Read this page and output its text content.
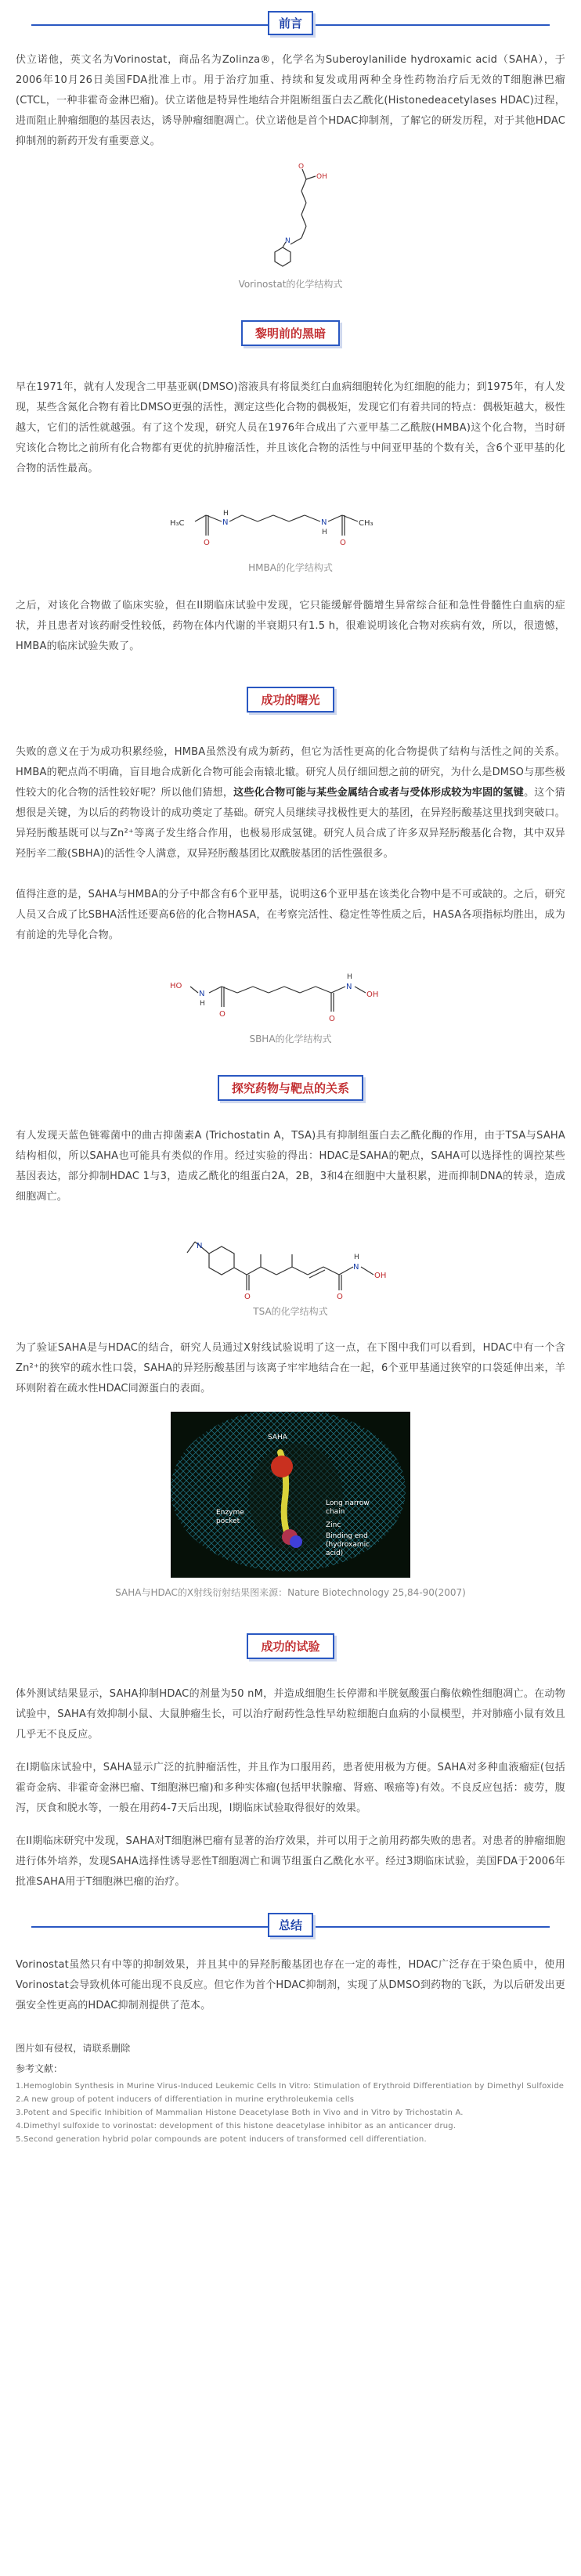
前言

伏立诺他，英文名为Vorinostat，商品名为Zolinza®，化学名为Suberoylanilide hydroxamic acid（SAHA），于2006年10月26日美国FDA批准上市。用于治疗加重、持续和复发或用两种全身性药物治疗后无效的T细胞淋巴瘤(CTCL，一种非霍奇金淋巴瘤)。伏立诺他是特异性地结合并阻断组蛋白去乙酰化(Histonedeacetylases HDAC)过程，进而阻止肿瘤细胞的基因表达，诱导肿瘤细胞凋亡。伏立诺他是首个HDAC抑制剂，了解它的研发历程，对于其他HDAC抑制剂的新药开发有重要意义。

O
OH
N
Vorinostat的化学结构式
黎明前的黑暗

早在1971年，就有人发现含二甲基亚砜(DMSO)溶液具有将鼠类红白血病细胞转化为红细胞的能力；到1975年，有人发现，某些含氮化合物有着比DMSO更强的活性，测定这些化合物的偶极矩，发现它们有着共同的特点：偶极矩越大，极性越大，它们的活性就越强。有了这个发现，研究人员在1976年合成出了六亚甲基二乙酰胺(HMBA)这个化合物，当时研究该化合物比之前所有化合物都有更优的抗肿瘤活性，并且该化合物的活性与中间亚甲基的个数有关，含6个亚甲基的化合物的活性最高。

H₃C	N
H
N
H
O
CH₃
O
HMBA的化学结构式

之后，对该化合物做了临床实验，但在II期临床试验中发现，它只能缓解骨髓增生异常综合征和急性骨髓性白血病的症状，并且患者对该药耐受性较低，药物在体内代谢的半衰期只有1.5 h，很难说明该化合物对疾病有效，所以，很遗憾，HMBA的临床试验失败了。

成功的曙光

失败的意义在于为成功积累经验，HMBA虽然没有成为新药，但它为活性更高的化合物提供了结构与活性之间的关系。HMBA的靶点尚不明确，盲目地合成新化合物可能会南辕北辙。研究人员仔细回想之前的研究，为什么是DMSO与那些极性较大的化合物的活性较好呢？所以他们猜想，这些化合物可能与某些金属结合或者与受体形成较为牢固的氢键。这个猜想很是关键，为以后的药物设计的成功奠定了基础。研究人员继续寻找极性更大的基团，在异羟肟酸基这里找到突破口。异羟肟酸基既可以与Zn²⁺等离子发生络合作用，也极易形成氢键。研究人员合成了许多双异羟肟酸基化合物，其中双异羟肟辛二酸(SBHA)的活性令人满意，双异羟肟酸基团比双酰胺基团的活性强很多。

值得注意的是，SAHA与HMBA的分子中都含有6个亚甲基，说明这6个亚甲基在该类化合物中是不可或缺的。之后，研究人员又合成了比SBHA活性还要高6倍的化合物HASA，在考察完活性、稳定性等性质之后，HASA各项指标均胜出，成为有前途的先导化合物。

HO
N
H
O
H
N
OH
O
SBHA的化学结构式
探究药物与靶点的关系

有人发现天蓝色链霉菌中的曲古抑菌素A (Trichostatin A，TSA)具有抑制组蛋白去乙酰化酶的作用，由于TSA与SAHA结构相似，所以SAHA也可能具有类似的作用。经过实验的得出：HDAC是SAHA的靶点，SAHA可以选择性的调控某些基因表达，部分抑制HDAC 1与3，造成乙酰化的组蛋白2A，2B，3和4在细胞中大量积累，进而抑制DNA的转录，造成细胞凋亡。

N
O	O
H
N
OH
TSA的化学结构式

为了验证SAHA是与HDAC的结合，研究人员通过X射线试验说明了这一点，在下图中我们可以看到，HDAC中有一个含Zn²⁺的狭窄的疏水性口袋，SAHA的异羟肟酸基团与该离子牢牢地结合在一起，6个亚甲基通过狭窄的口袋延伸出来，羊环则附着在疏水性HDAC同源蛋白的表面。

SAHA
Enzyme pocket
Long narrow chain
Zinc
Binding end (hydroxamic acid)
SAHA与HDAC的X射线衍射结果图来源：Nature Biotechnology 25,84-90(2007)
成功的试验

体外测试结果显示，SAHA抑制HDAC的剂量为50 nM，并造成细胞生长停滞和半胱氨酸蛋白酶依赖性细胞凋亡。在动物试验中，SAHA有效抑制小鼠、大鼠肿瘤生长，可以治疗耐药性急性早幼粒细胞白血病的小鼠模型，并对肺癌小鼠有效且几乎无不良反应。

在I期临床试验中，SAHA显示广泛的抗肿瘤活性，并且作为口服用药，患者使用极为方便。SAHA对多种血液瘤症(包括霍奇金病、非霍奇金淋巴瘤、T细胞淋巴瘤)和多种实体瘤(包括甲状腺瘤、肾癌、喉癌等)有效。不良反应包括：疲劳，腹泻，厌食和脱水等，一般在用药4-7天后出现，I期临床试验取得很好的效果。

在II期临床研究中发现，SAHA对T细胞淋巴瘤有显著的治疗效果，并可以用于之前用药都失败的患者。对患者的肿瘤细胞进行体外培养，发现SAHA选择性诱导恶性T细胞凋亡和调节组蛋白乙酰化水平。经过3期临床试验，美国FDA于2006年批准SAHA用于T细胞淋巴瘤的治疗。

总结

Vorinostat虽然只有中等的抑制效果，并且其中的异羟肟酸基团也存在一定的毒性，HDAC广泛存在于染色质中，使用Vorinostat会导致机体可能出现不良反应。但它作为首个HDAC抑制剂，实现了从DMSO到药物的飞跃，为以后研发出更强安全性更高的HDAC抑制剂提供了范本。

图片如有侵权，请联系删除

参考文献：

1.Hemoglobin Synthesis in Murine Virus-Induced Leukemic Cells In Vitro: Stimulation of Erythroid Differentiation by Dimethyl Sulfoxide

2.A new group of potent inducers of differentiation in murine erythroleukemia cells

3.Potent and Specific Inhibition of Mammalian Histone Deacetylase Both in Vivo and in Vitro by Trichostatin A.

4.Dimethyl sulfoxide to vorinostat: development of this histone deacetylase inhibitor as an anticancer drug.

5.Second generation hybrid polar compounds are potent inducers of transformed cell differentiation.
